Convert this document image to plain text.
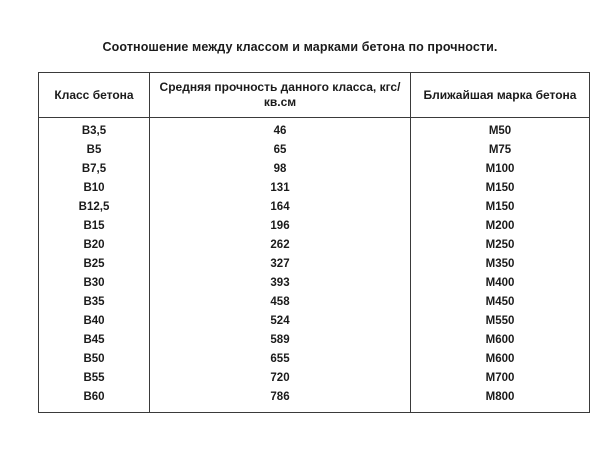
Соотношение между классом и марками бетона по прочности.
Класс бетона	Средняя прочность данного класса, кгс/кв.см	Ближайшая марка бетона
В3,5	46	М50
В5	65	М75
В7,5	98	М100
В10	131	М150
В12,5	164	М150
В15	196	М200
В20	262	М250
В25	327	М350
В30	393	М400
В35	458	М450
В40	524	М550
В45	589	М600
В50	655	М600
В55	720	М700
В60	786	М800
